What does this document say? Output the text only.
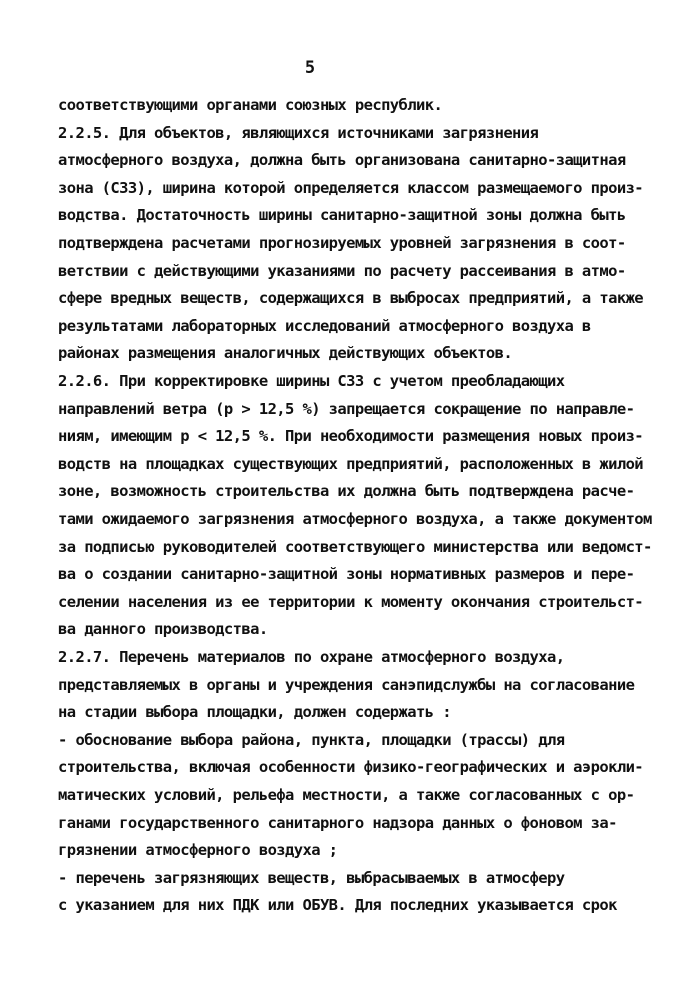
5
соответствующими органами союзных республик.
2.2.5. Для объектов, являющихся источниками загрязнения
атмосферного воздуха, должна быть организована санитарно-защитная
зона (СЗЗ), ширина которой определяется классом размещаемого произ-
водства. Достаточность ширины санитарно-защитной зоны должна быть
подтверждена расчетами прогнозируемых уровней загрязнения в соот-
ветствии с действующими указаниями по расчету рассеивания в атмо-
сфере вредных веществ, содержащихся в выбросах предприятий, а также
результатами лабораторных исследований атмосферного воздуха в
районах размещения аналогичных действующих объектов.
2.2.6. При корректировке ширины СЗЗ с учетом преобладающих
направлений ветра (р > 12,5 %) запрещается сокращение по направле-
ниям, имеющим р < 12,5 %. При необходимости размещения новых произ-
водств на площадках существующих предприятий, расположенных в жилой
зоне, возможность строительства их должна быть подтверждена расче-
тами ожидаемого загрязнения атмосферного воздуха, а также документом
за подписью руководителей соответствующего министерства или ведомст-
ва о создании санитарно-защитной зоны нормативных размеров и пере-
селении населения из ее территории к моменту окончания строительст-
ва данного производства.
2.2.7. Перечень материалов по охране атмосферного воздуха,
представляемых в органы и учреждения санэпидслужбы на согласование
на стадии выбора площадки, должен содержать :
- обоснование выбора района, пункта, площадки (трассы) для
строительства, включая особенности физико-географических и аэрокли-
матических условий, рельефа местности, а также согласованных с ор-
ганами государственного санитарного надзора данных о фоновом за-
грязнении атмосферного воздуха ;
- перечень загрязняющих веществ, выбрасываемых в атмосферу
с указанием для них ПДК или ОБУВ. Для последних указывается срок
